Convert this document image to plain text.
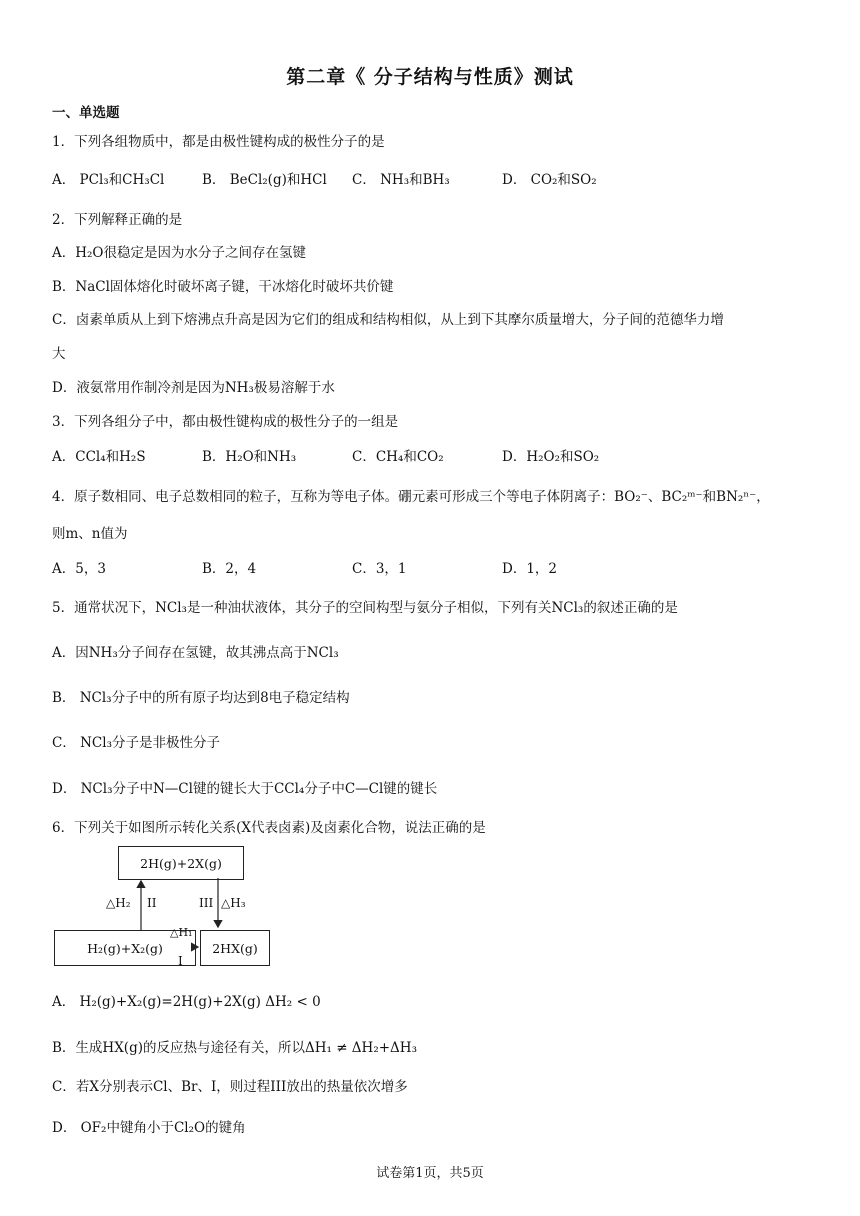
第二章《 分子结构与性质》测试
一、单选题
1．下列各组物质中，都是由极性键构成的极性分子的是
A． PCl₃和CH₃Cl	B． BeCl₂(g)和HCl C． NH₃和BH₃	D． CO₂和SO₂
2．下列解释正确的是
A．H₂O很稳定是因为水分子之间存在氢键
B．NaCl固体熔化时破坏离子键，干冰熔化时破坏共价键
C．卤素单质从上到下熔沸点升高是因为它们的组成和结构相似，从上到下其摩尔质量增大，分子间的范德华力增
大
D．液氨常用作制冷剂是因为NH₃极易溶解于水
3．下列各组分子中，都由极性键构成的极性分子的一组是
A．CCl₄和H₂S	B．H₂O和NH₃	C．CH₄和CO₂	D．H₂O₂和SO₂
4．原子数相同、电子总数相同的粒子，互称为等电子体。硼元素可形成三个等电子体阴离子：BO₂⁻、BC₂ᵐ⁻和BN₂ⁿ⁻，
则m、n值为
A．5，3	B．2，4	C．3，1	D．1，2
5．通常状况下，NCl₃是一种油状液体，其分子的空间构型与氨分子相似，下列有关NCl₃的叙述正确的是
A．因NH₃分子间存在氢键，故其沸点高于NCl₃
B． NCl₃分子中的所有原子均达到8电子稳定结构
C． NCl₃分子是非极性分子
D． NCl₃分子中N—Cl键的键长大于CCl₄分子中C—Cl键的键长
6．下列关于如图所示转化关系(X代表卤素)及卤素化合物，说法正确的是
2H(g)+2X(g)
H₂(g)+X₂(g)	2HX(g)
△H₂ II	III △H₃
△H₁
I
A． H₂(g)+X₂(g)=2H(g)+2X(g) ΔH₂ < 0
B．生成HX(g)的反应热与途径有关，所以ΔH₁ ≠ ΔH₂+ΔH₃
C．若X分别表示Cl、Br、I，则过程III放出的热量依次增多
D． OF₂中键角小于Cl₂O的键角
试卷第1页，共5页
